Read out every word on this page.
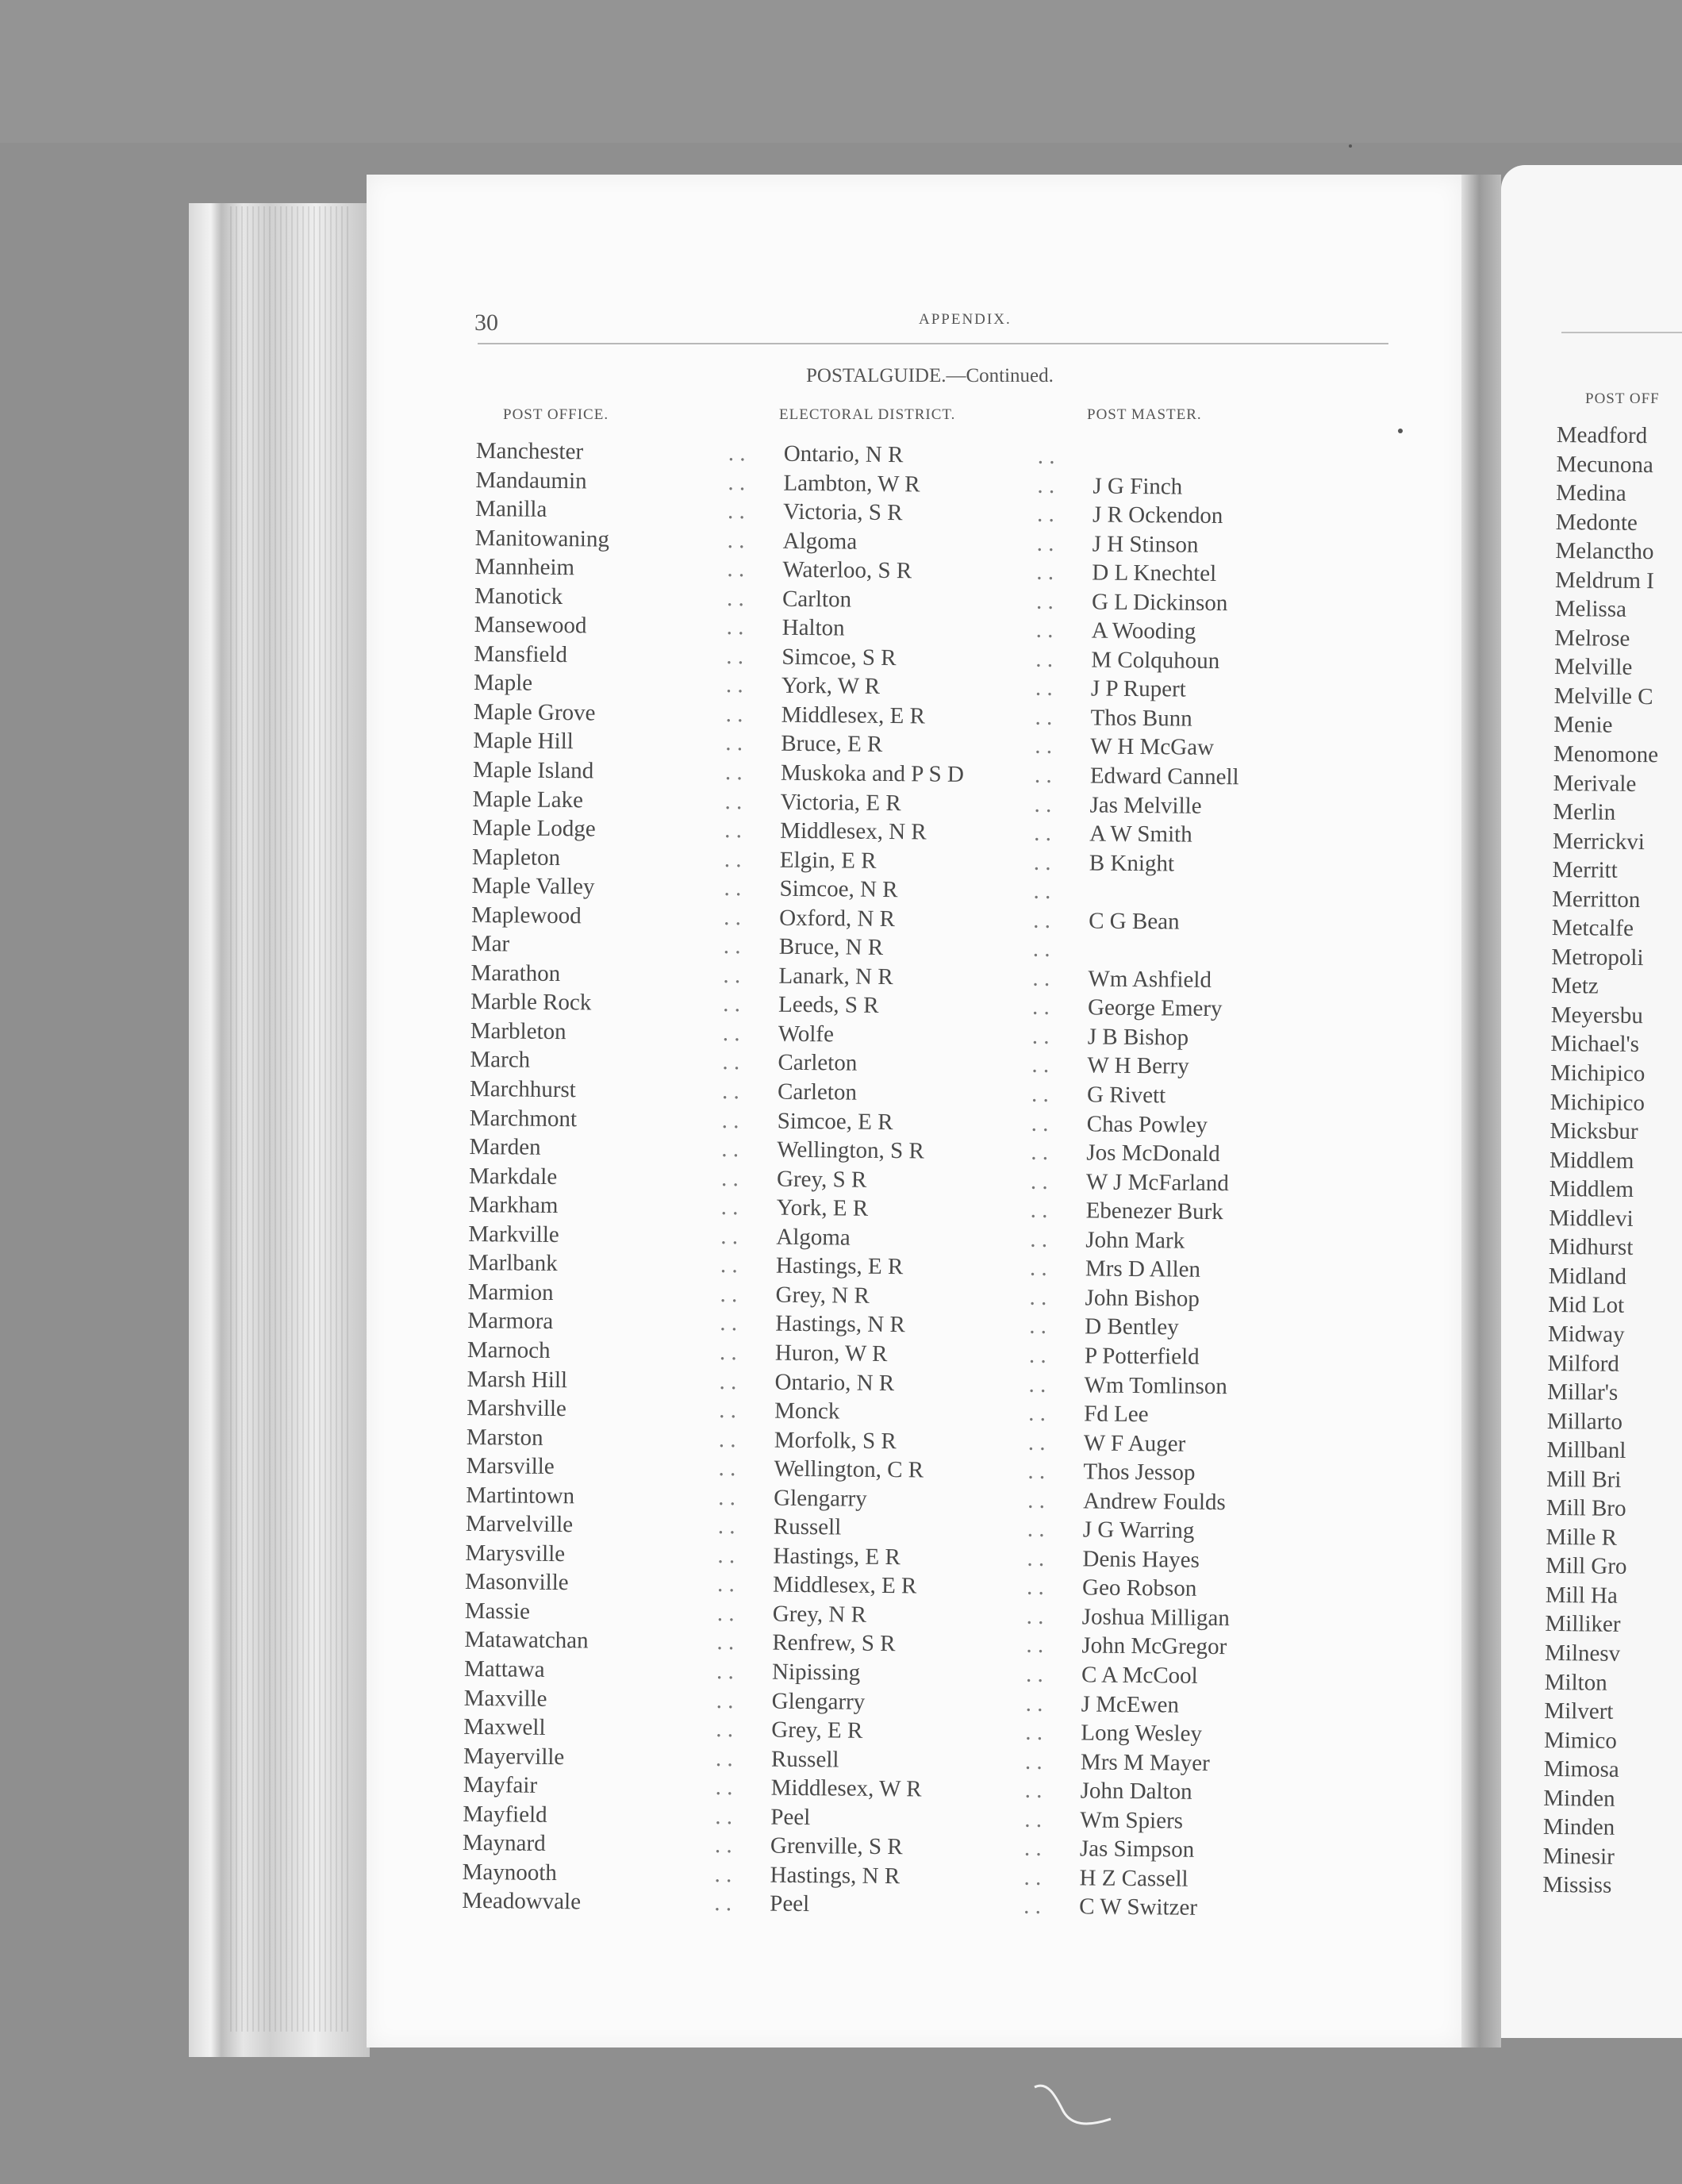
30	APPENDIX.
POSTALGUIDE.—Continued.
POST OFFICE.	ELECTORAL DISTRICT.	POST MASTER.
Manchester	. . Ontario, N R	. .
Mandaumin	. . Lambton, W R	. . J G Finch
Manilla	. . Victoria, S R	. . J R Ockendon
Manitowaning	. . Algoma	. . J H Stinson
Mannheim	. . Waterloo, S R	. . D L Knechtel
Manotick	. . Carlton	. . G L Dickinson
Mansewood	. . Halton	. . A Wooding
Mansfield	. . Simcoe, S R	. . M Colquhoun
Maple	. . York, W R	. . J P Rupert
Maple Grove	. . Middlesex, E R	. . Thos Bunn
Maple Hill	. . Bruce, E R	. . W H McGaw
Maple Island	. . Muskoka and P S D	. . Edward Cannell
Maple Lake	. . Victoria, E R	. . Jas Melville
Maple Lodge	. . Middlesex, N R	. . A W Smith
Mapleton	. . Elgin, E R	. . B Knight
Maple Valley	. . Simcoe, N R	. .
Maplewood	. . Oxford, N R	. . C G Bean
Mar	. . Bruce, N R	. .
Marathon	. . Lanark, N R	. . Wm Ashfield
Marble Rock	. . Leeds, S R	. . George Emery
Marbleton	. . Wolfe	. . J B Bishop
March	. . Carleton	. . W H Berry
Marchhurst	. . Carleton	. . G Rivett
Marchmont	. . Simcoe, E R	. . Chas Powley
Marden	. . Wellington, S R	. . Jos McDonald
Markdale	. . Grey, S R	. . W J McFarland
Markham	. . York, E R	. . Ebenezer Burk
Markville	. . Algoma	. . John Mark
Marlbank	. . Hastings, E R	. . Mrs D Allen
Marmion	. . Grey, N R	. . John Bishop
Marmora	. . Hastings, N R	. . D Bentley
Marnoch	. . Huron, W R	. . P Potterfield
Marsh Hill	. . Ontario, N R	. . Wm Tomlinson
Marshville	. . Monck	. . Fd Lee
Marston	. . Morfolk, S R	. . W F Auger
Marsville	. . Wellington, C R	. . Thos Jessop
Martintown	. . Glengarry	. . Andrew Foulds
Marvelville	. . Russell	. . J G Warring
Marysville	. . Hastings, E R	. . Denis Hayes
Masonville	. . Middlesex, E R	. . Geo Robson
Massie	. . Grey, N R	. . Joshua Milligan
Matawatchan	. . Renfrew, S R	. . John McGregor
Mattawa	. . Nipissing	. . C A McCool
Maxville	. . Glengarry	. . J McEwen
Maxwell	. . Grey, E R	. . Long Wesley
Mayerville	. . Russell	. . Mrs M Mayer
Mayfair	. . Middlesex, W R	. . John Dalton
Mayfield	. . Peel	. . Wm Spiers
Maynard	. . Grenville, S R	. . Jas Simpson
Maynooth	. . Hastings, N R	. . H Z Cassell
Meadowvale	. . Peel	. . C W Switzer
POST OFF
Meadford
Mecunona
Medina
Medonte
Melanctho
Meldrum I
Melissa
Melrose
Melville
Melville C
Menie
Menomone
Merivale
Merlin
Merrickvi
Merritt
Merritton
Metcalfe
Metropoli
Metz
Meyersbu
Michael's
Michipico
Michipico
Micksbur
Middlem
Middlem
Middlevi
Midhurst
Midland
Mid Lot
Midway
Milford
Millar's
Millarto
Millbanl
Mill Bri
Mill Bro
Mille R
Mill Gro
Mill Ha
Milliker
Milnesv
Milton
Milvert
Mimico
Mimosa
Minden
Minden
Minesir
Mississ
